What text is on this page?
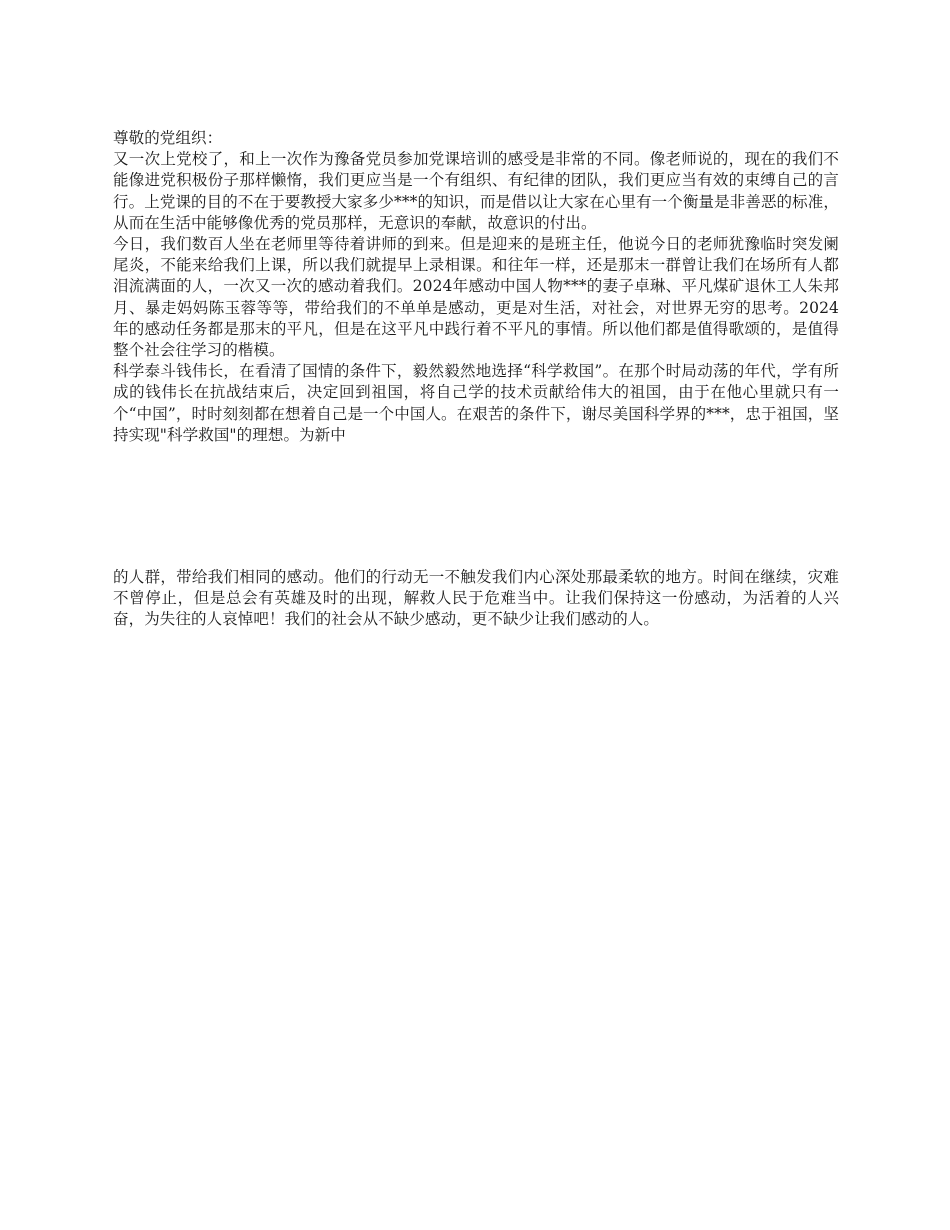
尊敬的党组织：

又一次上党校了，和上一次作为豫备党员参加党课培训的感受是非常的不同。像老师说的，现在的我们不能像进党积极份子那样懒惰，我们更应当是一个有组织、有纪律的团队，我们更应当有效的束缚自己的言行。上党课的目的不在于要教授大家多少***的知识，而是借以让大家在心里有一个衡量是非善恶的标准，从而在生活中能够像优秀的党员那样，无意识的奉献，故意识的付出。

今日，我们数百人坐在老师里等待着讲师的到来。但是迎来的是班主任，他说今日的老师犹豫临时突发阑尾炎，不能来给我们上课，所以我们就提早上录相课。和往年一样，还是那末一群曾让我们在场所有人都泪流满面的人，一次又一次的感动着我们。2024年感动中国人物***的妻子卓琳、平凡煤矿退休工人朱邦月、暴走妈妈陈玉蓉等等，带给我们的不单单是感动，更是对生活，对社会，对世界无穷的思考。2024年的感动任务都是那末的平凡，但是在这平凡中践行着不平凡的事情。所以他们都是值得歌颂的，是值得整个社会往学习的楷模。

科学泰斗钱伟长，在看清了国情的条件下，毅然毅然地选择“科学救国”。在那个时局动荡的年代，学有所成的钱伟长在抗战结束后，决定回到祖国，将自己学的技术贡献给伟大的祖国，由于在他心里就只有一个“中国”，时时刻刻都在想着自己是一个中国人。在艰苦的条件下，谢尽美国科学界的***，忠于祖国，坚持实现"科学救国"的理想。为新中

的人群，带给我们相同的感动。他们的行动无一不触发我们内心深处那最柔软的地方。时间在继续，灾难不曾停止，但是总会有英雄及时的出现，解救人民于危难当中。让我们保持这一份感动，为活着的人兴奋，为失往的人哀悼吧！我们的社会从不缺少感动，更不缺少让我们感动的人。
